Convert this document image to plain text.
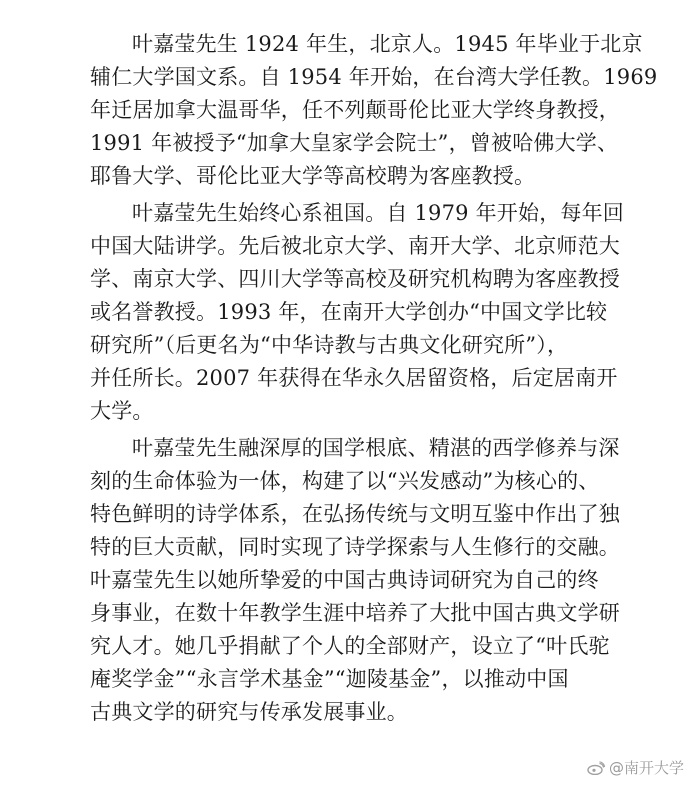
叶嘉莹先生 1924 年生，北京人。1945 年毕业于北京
辅仁大学国文系。自 1954 年开始，在台湾大学任教。1969
年迁居加拿大温哥华，任不列颠哥伦比亚大学终身教授，
1991 年被授予“加拿大皇家学会院士”，曾被哈佛大学、
耶鲁大学、哥伦比亚大学等高校聘为客座教授。

叶嘉莹先生始终心系祖国。自 1979 年开始，每年回
中国大陆讲学。先后被北京大学、南开大学、北京师范大
学、南京大学、四川大学等高校及研究机构聘为客座教授
或名誉教授。1993 年，在南开大学创办“中国文学比较
研究所”（后更名为“中华诗教与古典文化研究所”），
并任所长。2007 年获得在华永久居留资格，后定居南开
大学。

叶嘉莹先生融深厚的国学根底、精湛的西学修养与深
刻的生命体验为一体，构建了以“兴发感动”为核心的、
特色鲜明的诗学体系，在弘扬传统与文明互鉴中作出了独
特的巨大贡献，同时实现了诗学探索与人生修行的交融。
叶嘉莹先生以她所挚爱的中国古典诗词研究为自己的终
身事业，在数十年教学生涯中培养了大批中国古典文学研
究人才。她几乎捐献了个人的全部财产，设立了“叶氏驼
庵奖学金”“永言学术基金”“迦陵基金”，以推动中国
古典文学的研究与传承发展事业。

@南开大学
